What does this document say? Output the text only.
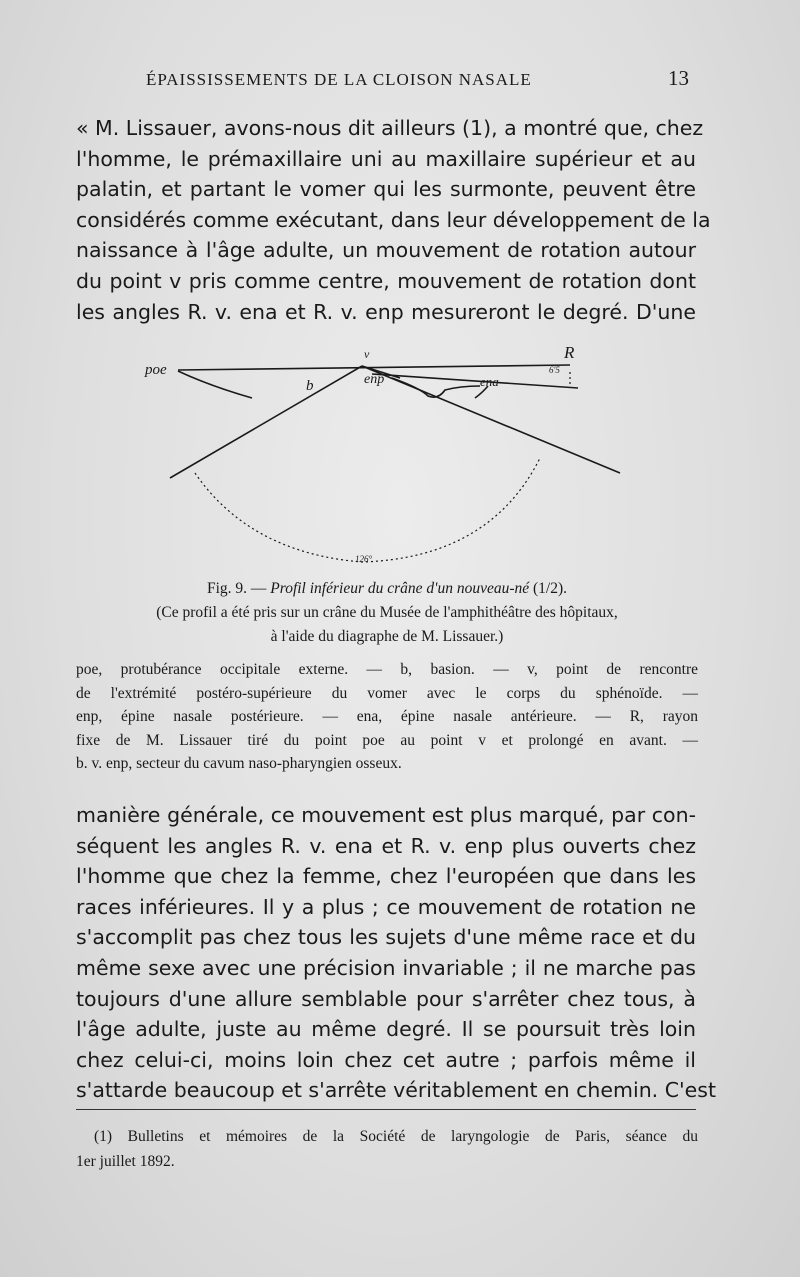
ÉPAISSISSEMENTS DE LA CLOISON NASALE	13
« M. Lissauer, avons-nous dit ailleurs (1), a montré que, chez
l'homme, le prémaxillaire uni au maxillaire supérieur et au
palatin, et partant le vomer qui les surmonte, peuvent être
considérés comme exécutant, dans leur développement de la
naissance à l'âge adulte, un mouvement de rotation autour
du point v pris comme centre, mouvement de rotation dont
les angles R. v. ena et R. v. enp mesureront le degré. D'une
poe
v	R
b	enp	ena
6'5
126°
Fig. 9. — Profil inférieur du crâne d'un nouveau-né (1/2).
(Ce profil a été pris sur un crâne du Musée de l'amphithéâtre des hôpitaux,
à l'aide du diagraphe de M. Lissauer.)
poe, protubérance occipitale externe. — b, basion. — v, point de rencontre
de l'extrémité postéro-supérieure du vomer avec le corps du sphénoïde. —
enp, épine nasale postérieure. — ena, épine nasale antérieure. — R, rayon
fixe de M. Lissauer tiré du point poe au point v et prolongé en avant. —
b. v. enp, secteur du cavum naso-pharyngien osseux.
manière générale, ce mouvement est plus marqué, par con-
séquent les angles R. v. ena et R. v. enp plus ouverts chez
l'homme que chez la femme, chez l'européen que dans les
races inférieures. Il y a plus ; ce mouvement de rotation ne
s'accomplit pas chez tous les sujets d'une même race et du
même sexe avec une précision invariable ; il ne marche pas
toujours d'une allure semblable pour s'arrêter chez tous, à
l'âge adulte, juste au même degré. Il se poursuit très loin
chez celui-ci, moins loin chez cet autre ; parfois même il
s'attarde beaucoup et s'arrête véritablement en chemin. C'est
(1) Bulletins et mémoires de la Société de laryngologie de Paris, séance du
1er juillet 1892.
